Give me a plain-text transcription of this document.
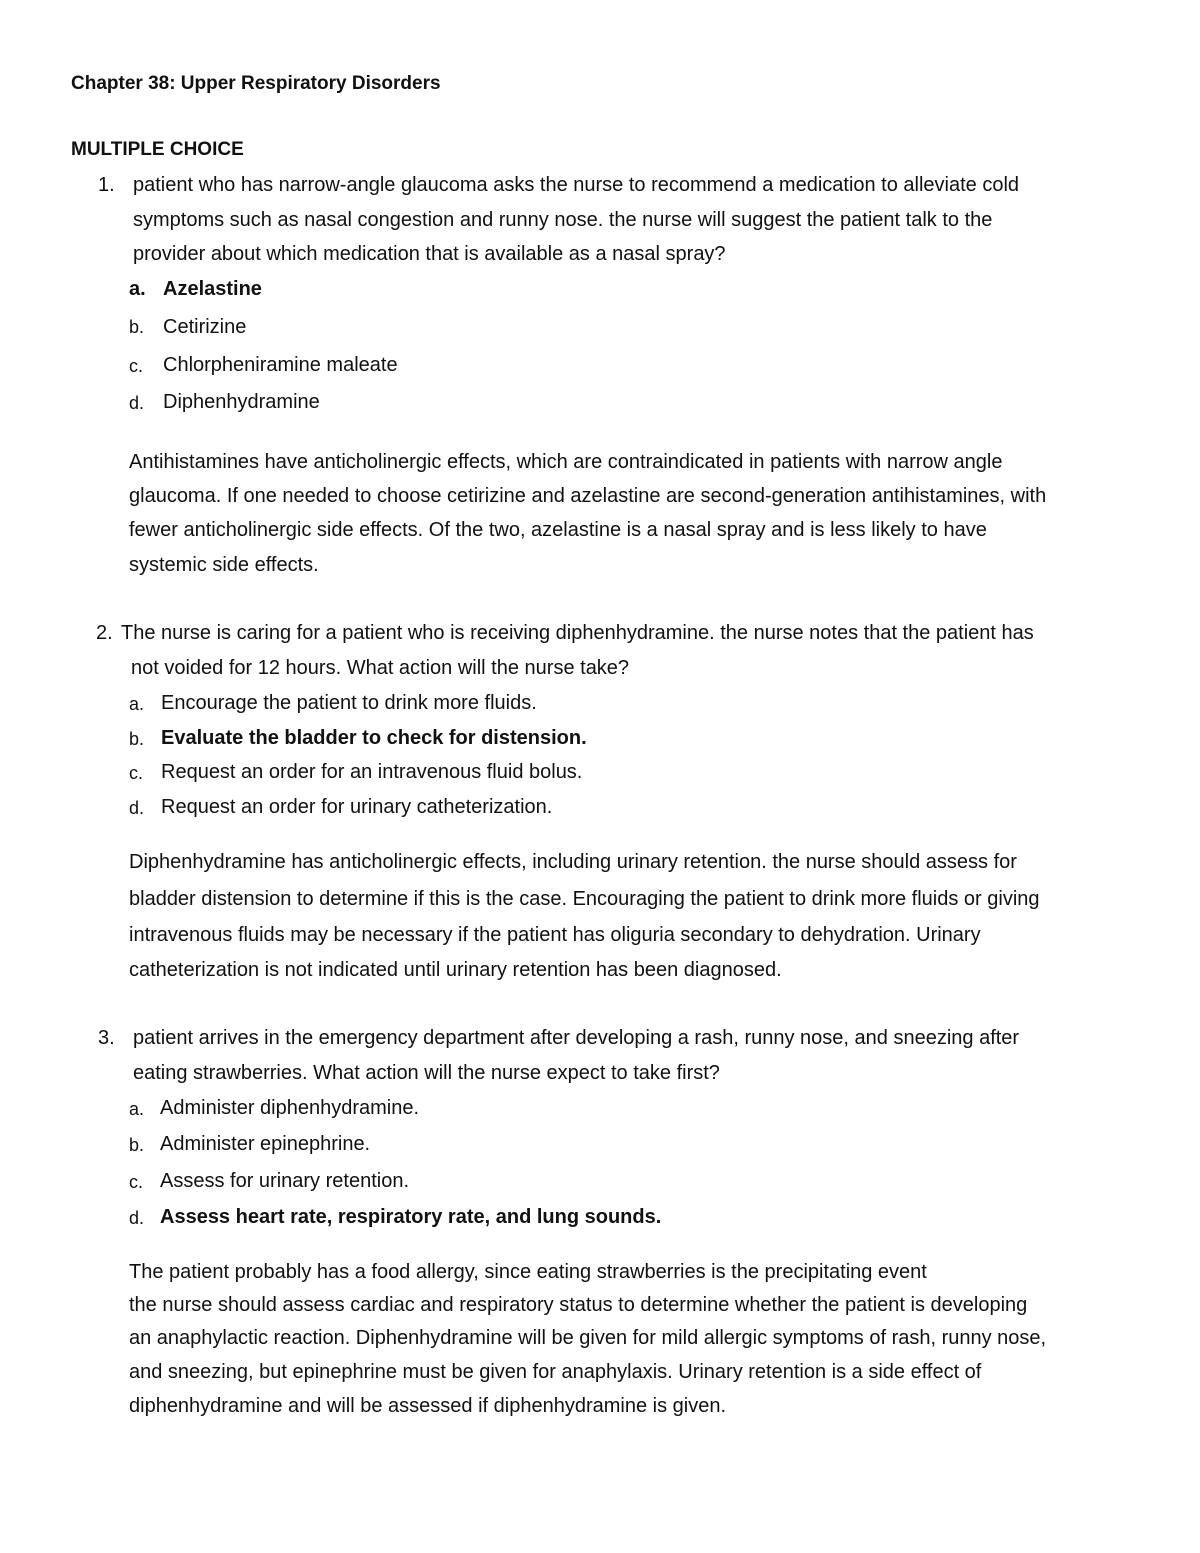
Chapter 38: Upper Respiratory Disorders
MULTIPLE CHOICE
1. patient who has narrow-angle glaucoma asks the nurse to recommend a medication to alleviate cold
symptoms such as nasal congestion and runny nose. the nurse will suggest the patient talk to the
provider about which medication that is available as a nasal spray?
a. Azelastine
b. Cetirizine
c. Chlorpheniramine maleate
d. Diphenhydramine
Antihistamines have anticholinergic effects, which are contraindicated in patients with narrow angle
glaucoma. If one needed to choose cetirizine and azelastine are second-generation antihistamines, with
fewer anticholinergic side effects. Of the two, azelastine is a nasal spray and is less likely to have
systemic side effects.
2. The nurse is caring for a patient who is receiving diphenhydramine. the nurse notes that the patient has
not voided for 12 hours. What action will the nurse take?
a. Encourage the patient to drink more fluids.
b. Evaluate the bladder to check for distension.
c. Request an order for an intravenous fluid bolus.
d. Request an order for urinary catheterization.
Diphenhydramine has anticholinergic effects, including urinary retention. the nurse should assess for
bladder distension to determine if this is the case. Encouraging the patient to drink more fluids or giving
intravenous fluids may be necessary if the patient has oliguria secondary to dehydration. Urinary
catheterization is not indicated until urinary retention has been diagnosed.
3. patient arrives in the emergency department after developing a rash, runny nose, and sneezing after
eating strawberries. What action will the nurse expect to take first?
a. Administer diphenhydramine.
b. Administer epinephrine.
c. Assess for urinary retention.
d. Assess heart rate, respiratory rate, and lung sounds.
The patient probably has a food allergy, since eating strawberries is the precipitating event
the nurse should assess cardiac and respiratory status to determine whether the patient is developing
an anaphylactic reaction. Diphenhydramine will be given for mild allergic symptoms of rash, runny nose,
and sneezing, but epinephrine must be given for anaphylaxis. Urinary retention is a side effect of
diphenhydramine and will be assessed if diphenhydramine is given.
